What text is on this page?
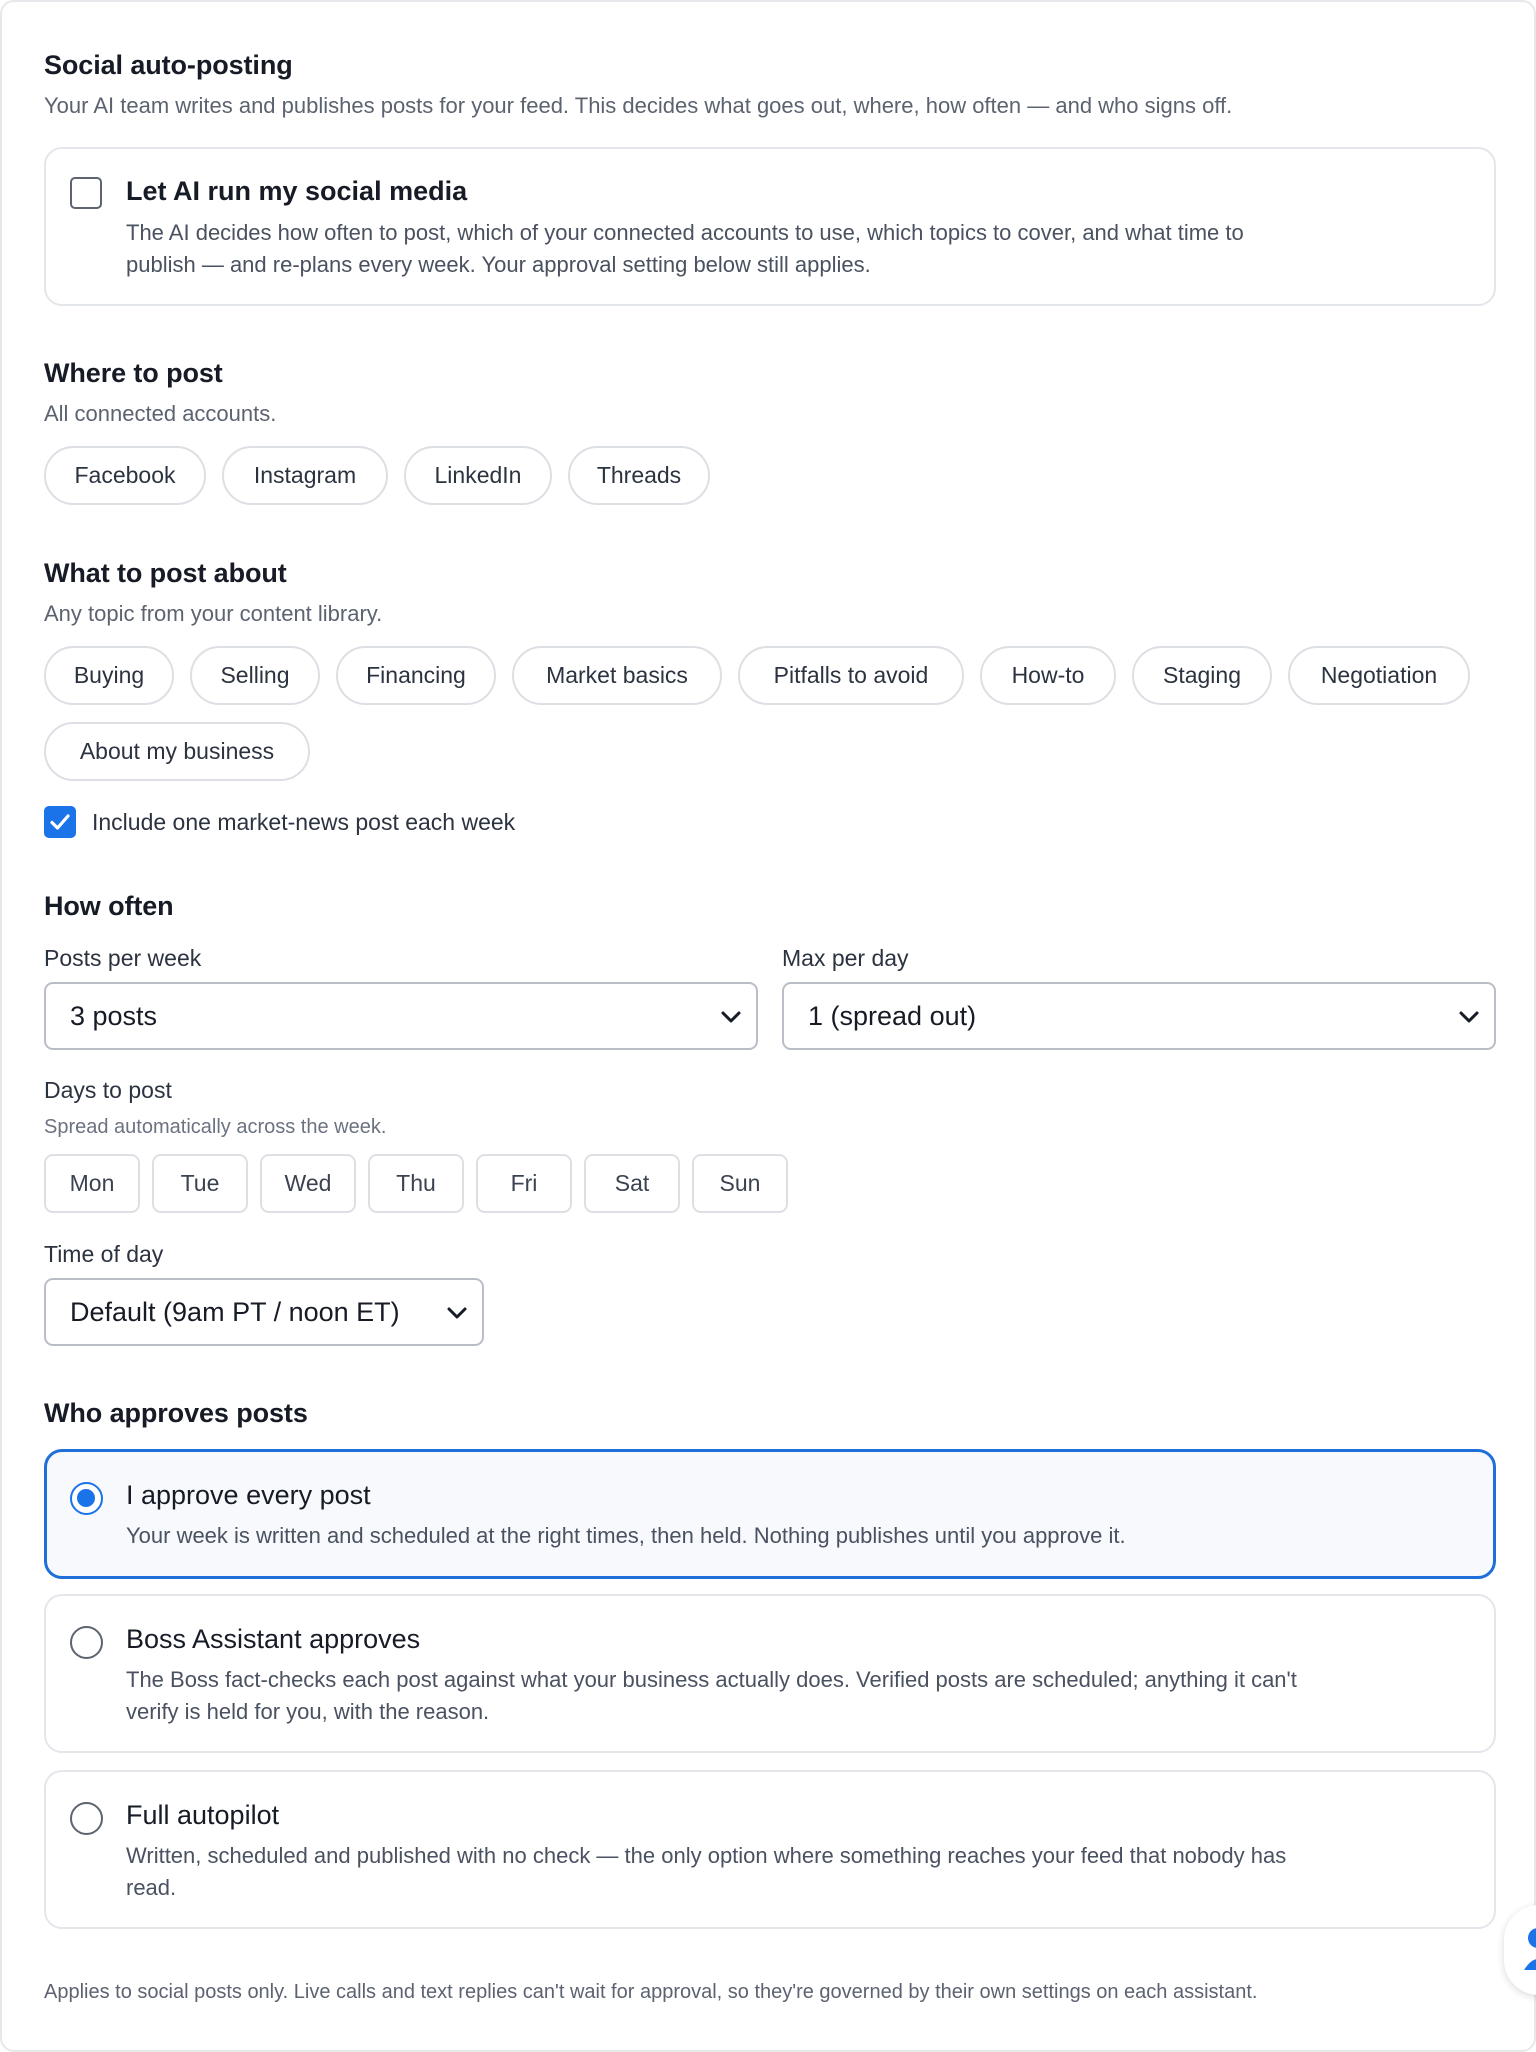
Social auto-posting
Your AI team writes and publishes posts for your feed. This decides what goes out, where, how often — and who signs off.
Let AI run my social media
The AI decides how often to post, which of your connected accounts to use, which topics to cover, and what time to
publish — and re-plans every week. Your approval setting below still applies.
Where to post
All connected accounts.
Facebook	Instagram	LinkedIn	Threads
What to post about
Any topic from your content library.
Buying	Selling	Financing	Market basics	Pitfalls to avoid	How-to	Staging	Negotiation
About my business
Include one market-news post each week
How often
Posts per week
3 posts
Max per day
1 (spread out)
Days to post
Spread automatically across the week.
Mon	Tue	Wed	Thu	Fri	Sat	Sun
Time of day
Default (9am PT / noon ET)
Who approves posts
I approve every post
Your week is written and scheduled at the right times, then held. Nothing publishes until you approve it.
Boss Assistant approves
The Boss fact-checks each post against what your business actually does. Verified posts are scheduled; anything it can't
verify is held for you, with the reason.
Full autopilot
Written, scheduled and published with no check — the only option where something reaches your feed that nobody has
read.
Applies to social posts only. Live calls and text replies can't wait for approval, so they're governed by their own settings on each assistant.
